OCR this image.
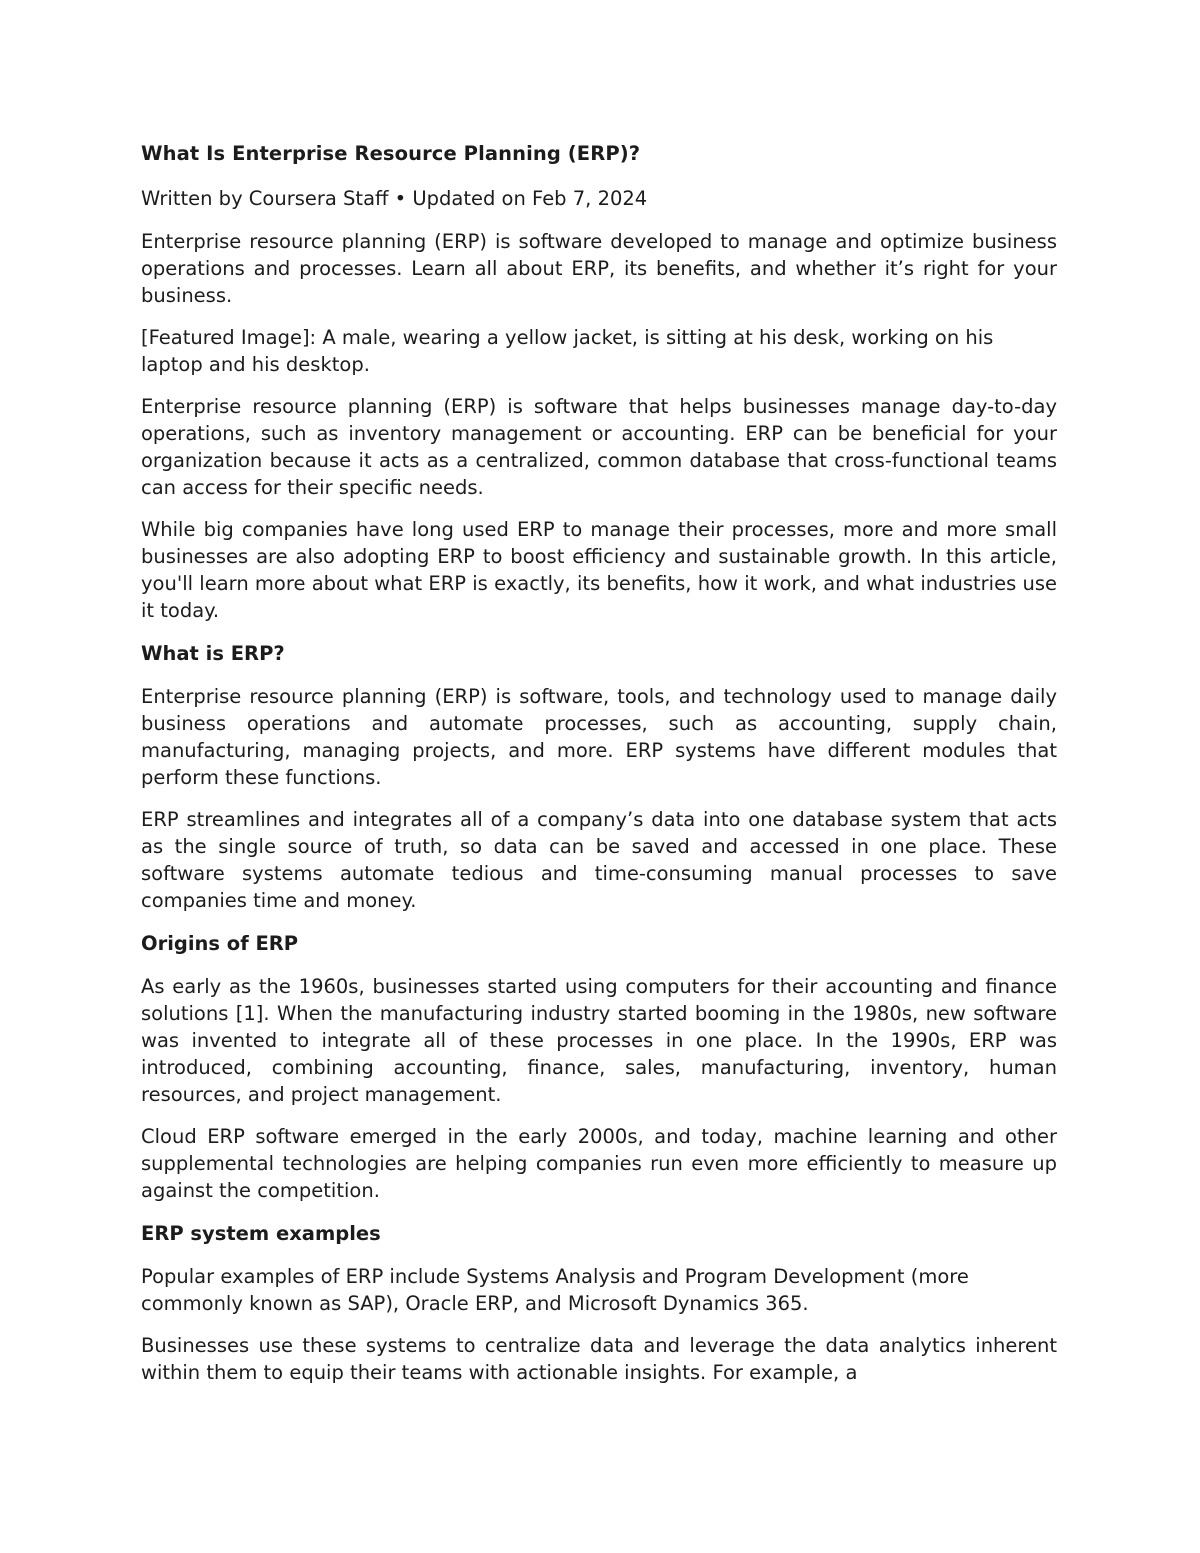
What Is Enterprise Resource Planning (ERP)?
Written by Coursera Staff • Updated on Feb 7, 2024

Enterprise resource planning (ERP) is software developed to manage and optimize business operations and processes. Learn all about ERP, its benefits, and whether it’s right for your business.

[Featured Image]: A male, wearing a yellow jacket, is sitting at his desk, working on his laptop and his desktop.

Enterprise resource planning (ERP) is software that helps businesses manage day-to-day operations, such as inventory management or accounting. ERP can be beneficial for your organization because it acts as a centralized, common database that cross-functional teams can access for their specific needs.

While big companies have long used ERP to manage their processes, more and more small businesses are also adopting ERP to boost efficiency and sustainable growth. In this article, you'll learn more about what ERP is exactly, its benefits, how it work, and what industries use it today.

What is ERP?

Enterprise resource planning (ERP) is software, tools, and technology used to manage daily business operations and automate processes, such as accounting, supply chain, manufacturing, managing projects, and more. ERP systems have different modules that perform these functions.

ERP streamlines and integrates all of a company’s data into one database system that acts as the single source of truth, so data can be saved and accessed in one place. These software systems automate tedious and time-consuming manual processes to save companies time and money.

Origins of ERP

As early as the 1960s, businesses started using computers for their accounting and finance solutions [1]. When the manufacturing industry started booming in the 1980s, new software was invented to integrate all of these processes in one place. In the 1990s, ERP was introduced, combining accounting, finance, sales, manufacturing, inventory, human resources, and project management.

Cloud ERP software emerged in the early 2000s, and today, machine learning and other supplemental technologies are helping companies run even more efficiently to measure up against the competition.

ERP system examples

Popular examples of ERP include Systems Analysis and Program Development (more commonly known as SAP), Oracle ERP, and Microsoft Dynamics 365.

Businesses use these systems to centralize data and leverage the data analytics inherent within them to equip their teams with actionable insights. For example, a
